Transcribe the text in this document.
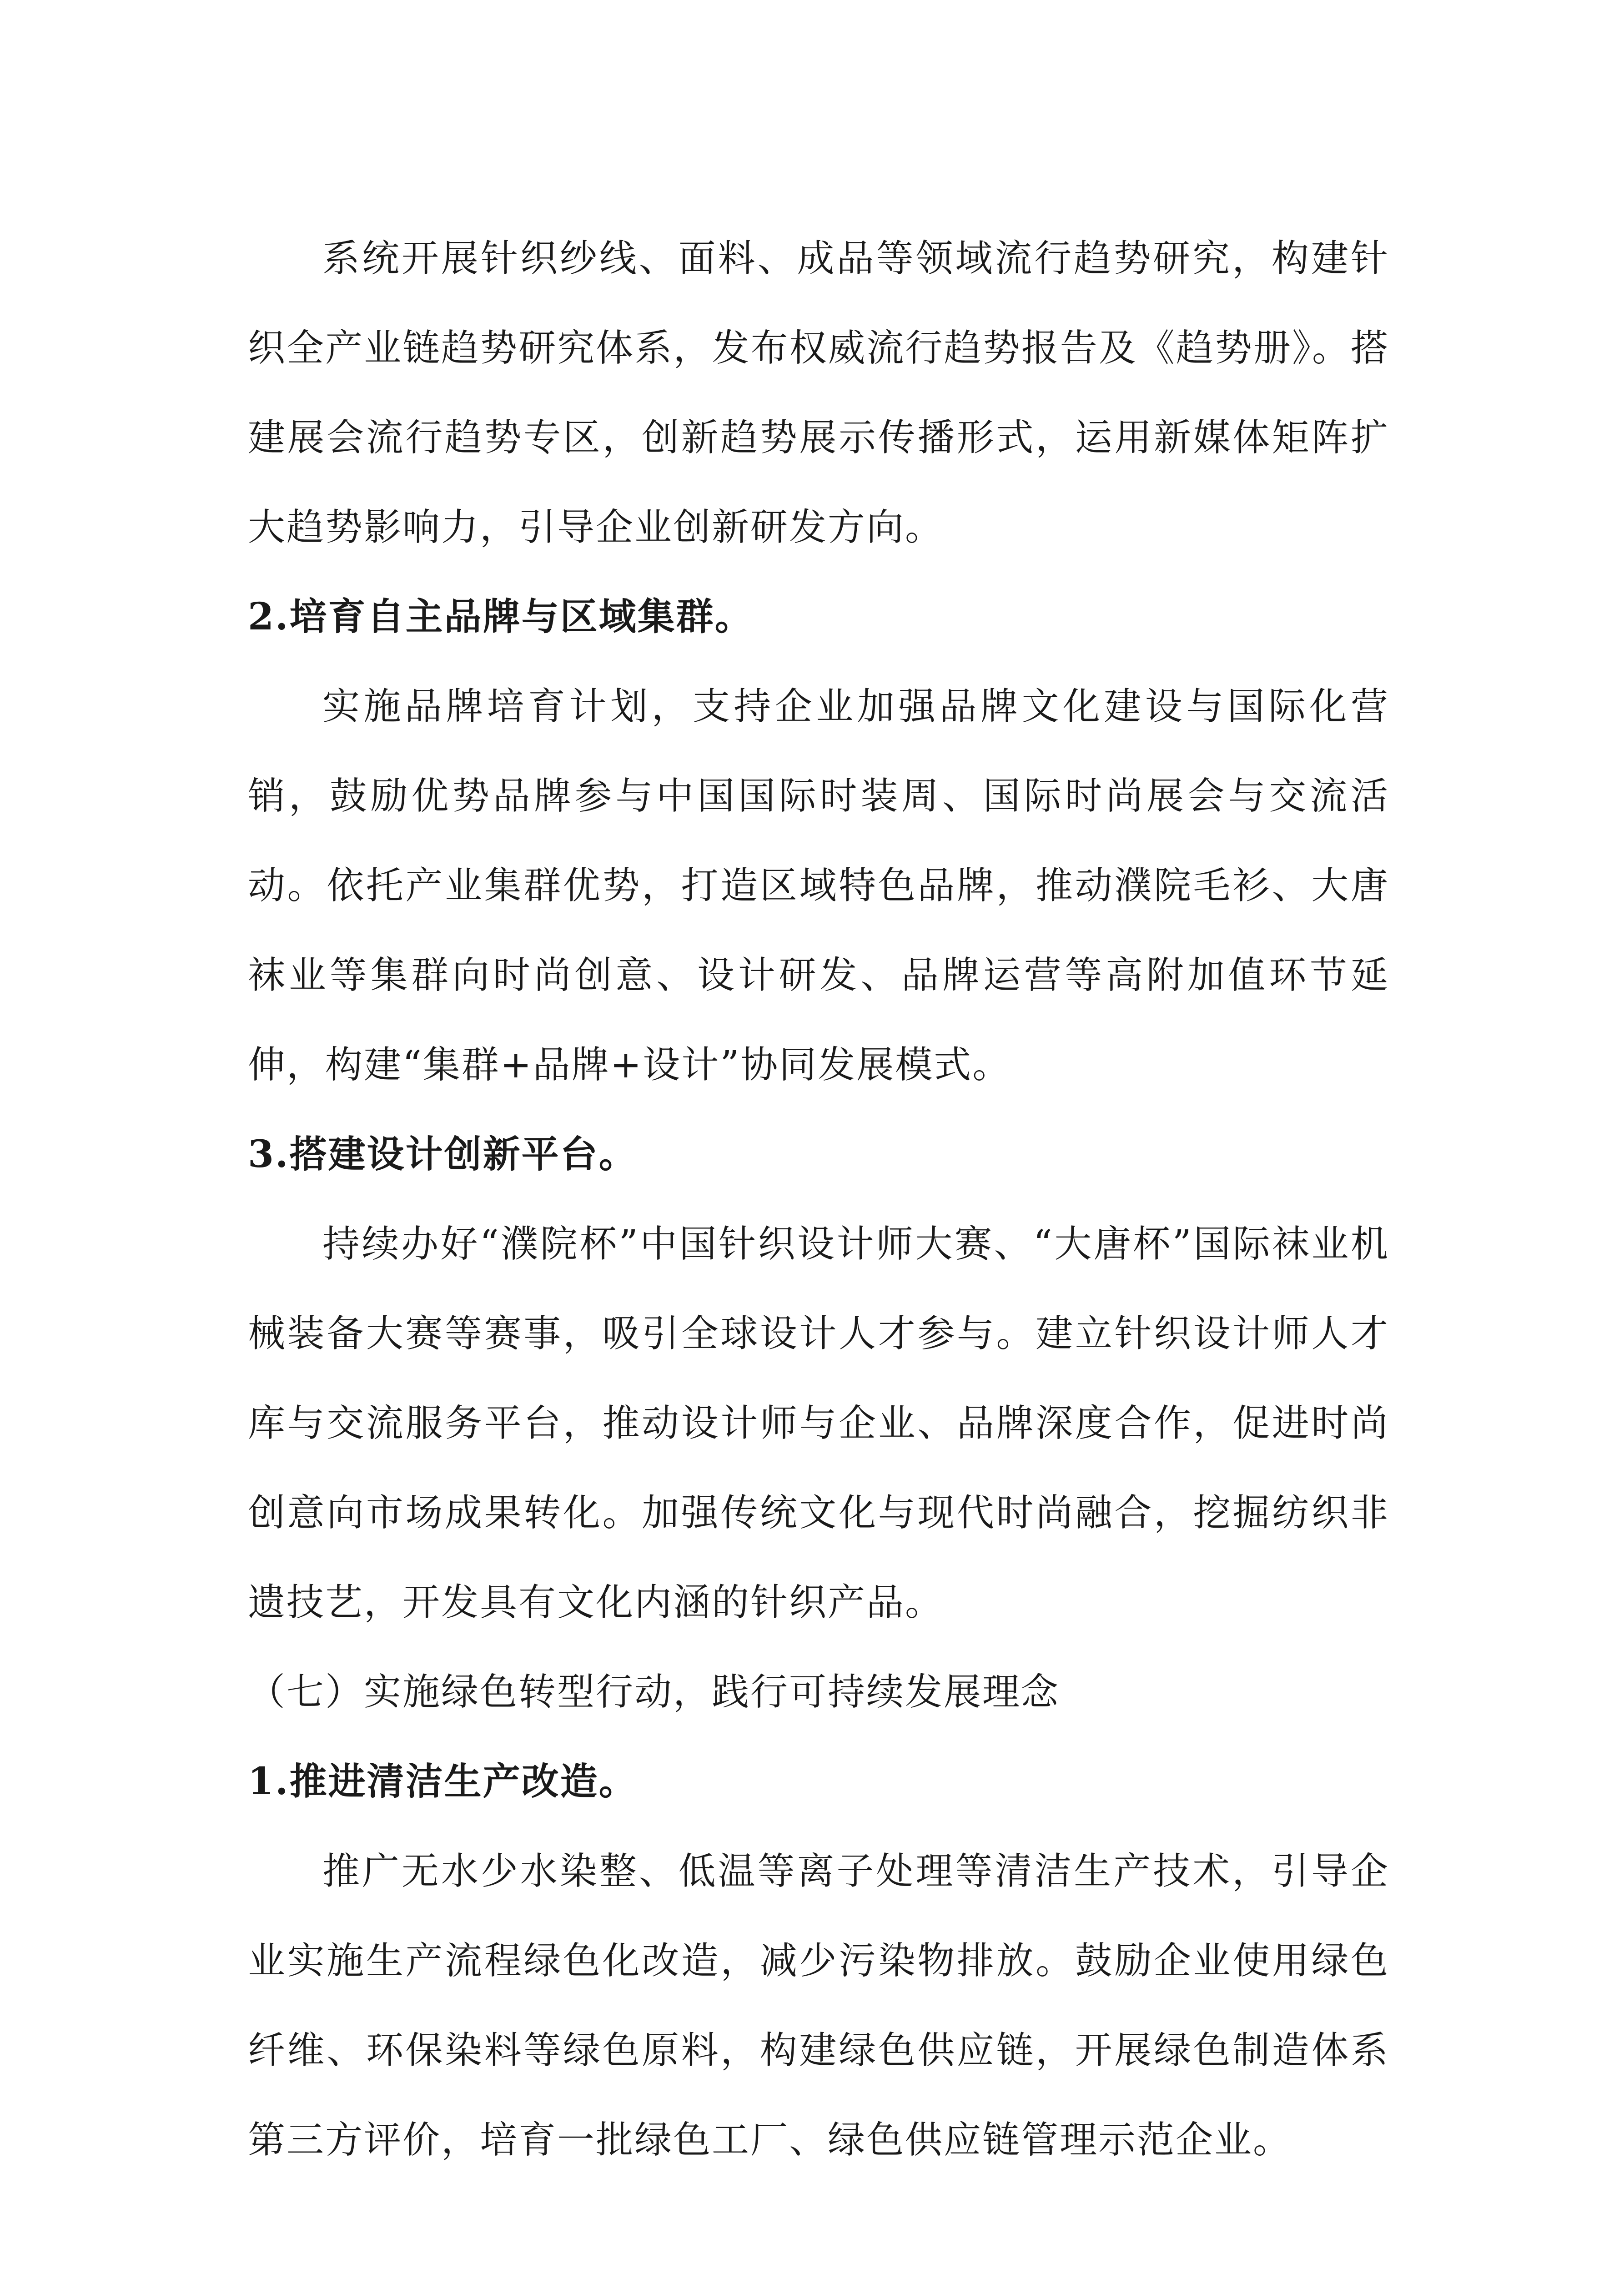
系统开展针织纱线、面料、成品等领域流行趋势研究，构建针织全产业链趋势研究体系，发布权威流行趋势报告及《趋势册》。搭建展会流行趋势专区，创新趋势展示传播形式，运用新媒体矩阵扩大趋势影响力，引导企业创新研发方向。

2.培育自主品牌与区域集群。

实施品牌培育计划，支持企业加强品牌文化建设与国际化营销，鼓励优势品牌参与中国国际时装周、国际时尚展会与交流活动。依托产业集群优势，打造区域特色品牌，推动濮院毛衫、大唐袜业等集群向时尚创意、设计研发、品牌运营等高附加值环节延伸，构建“集群+品牌+设计”协同发展模式。

3.搭建设计创新平台。

持续办好“濮院杯”中国针织设计师大赛、“大唐杯”国际袜业机械装备大赛等赛事，吸引全球设计人才参与。建立针织设计师人才库与交流服务平台，推动设计师与企业、品牌深度合作，促进时尚创意向市场成果转化。加强传统文化与现代时尚融合，挖掘纺织非遗技艺，开发具有文化内涵的针织产品。

（七）实施绿色转型行动，践行可持续发展理念

1.推进清洁生产改造。

推广无水少水染整、低温等离子处理等清洁生产技术，引导企业实施生产流程绿色化改造，减少污染物排放。鼓励企业使用绿色纤维、环保染料等绿色原料，构建绿色供应链，开展绿色制造体系第三方评价，培育一批绿色工厂、绿色供应链管理示范企业。
